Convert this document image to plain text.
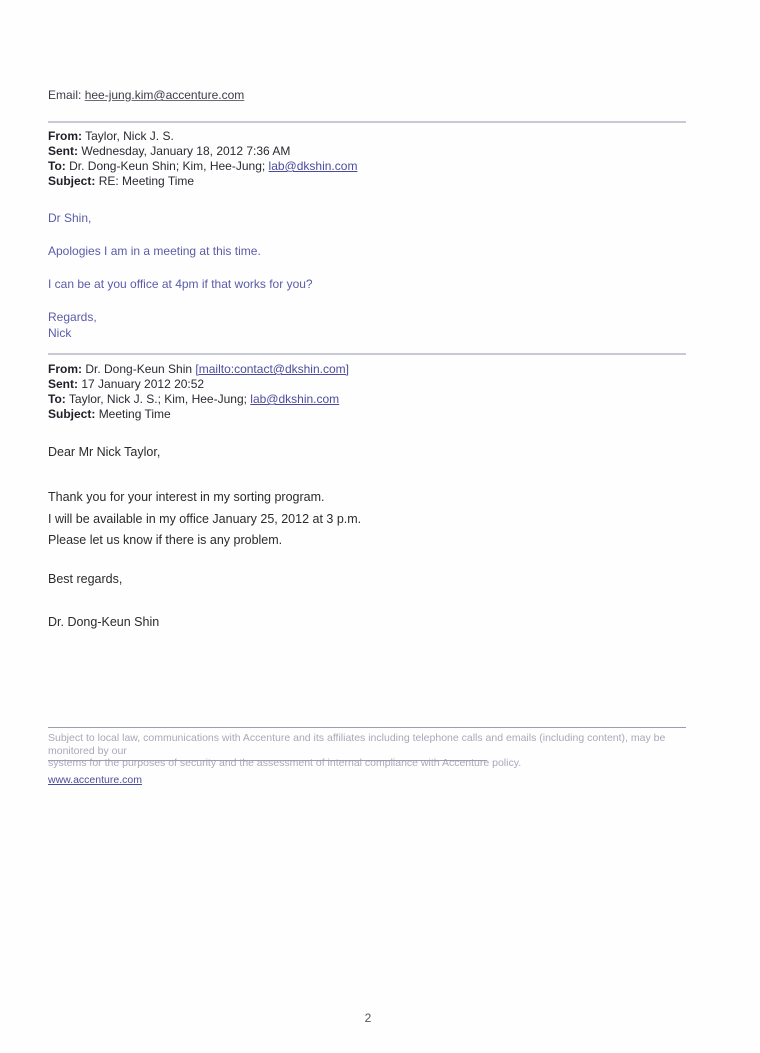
Email: hee-jung.kim@accenture.com
From: Taylor, Nick J. S.
Sent: Wednesday, January 18, 2012 7:36 AM
To: Dr. Dong-Keun Shin; Kim, Hee-Jung; lab@dkshin.com
Subject: RE: Meeting Time
Dr Shin,
Apologies I am in a meeting at this time.
I can be at you office at 4pm if that works for you?
Regards,
Nick
From: Dr. Dong-Keun Shin [mailto:contact@dkshin.com]
Sent: 17 January 2012 20:52
To: Taylor, Nick J. S.; Kim, Hee-Jung; lab@dkshin.com
Subject: Meeting Time
Dear Mr Nick Taylor,
Thank you for your interest in my sorting program.
I will be available in my office January 25, 2012 at 3 p.m.
Please let us know if there is any problem.
Best regards,
Dr. Dong-Keun Shin
Subject to local law, communications with Accenture and its affiliates including telephone calls and emails (including content), may be monitored by our
systems for the purposes of security and the assessment of internal compliance with Accenture policy.
www.accenture.com
2
